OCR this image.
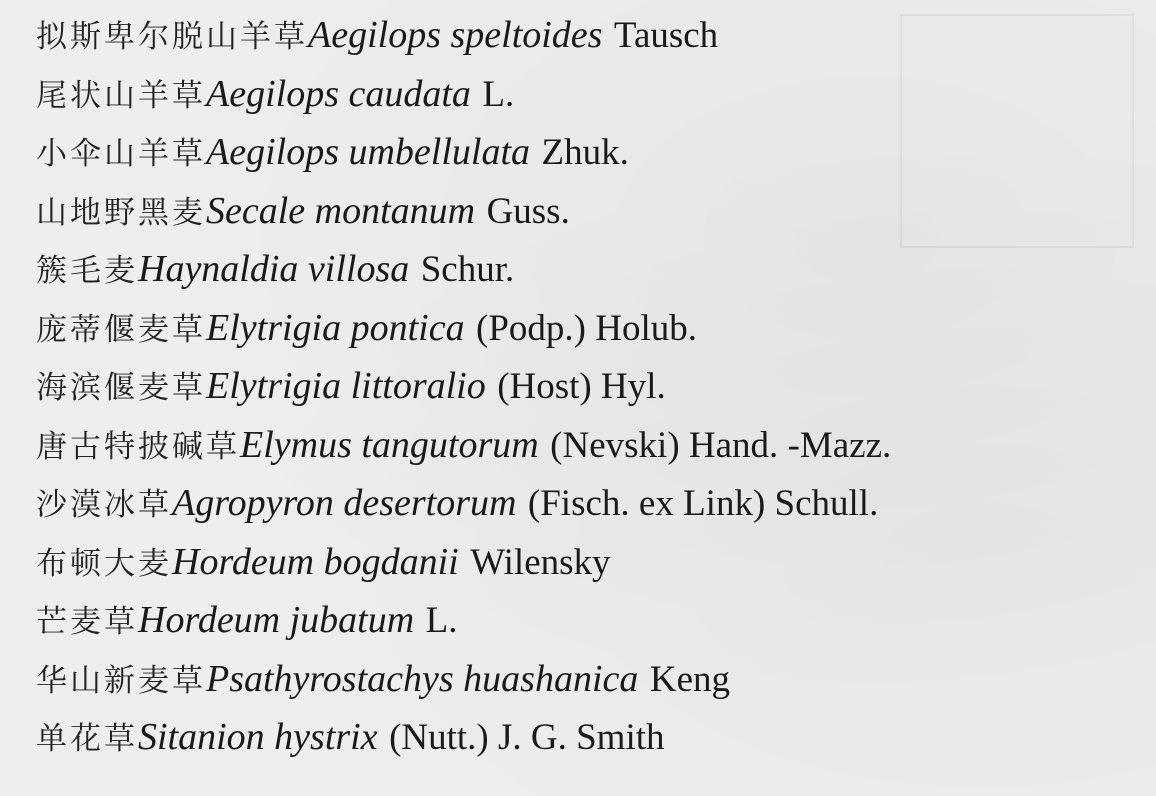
拟斯卑尔脱山羊草Aegilops speltoides Tausch
尾状山羊草Aegilops caudata L.
小伞山羊草Aegilops umbellulata Zhuk.
山地野黑麦Secale montanum Guss.
簇毛麦Haynaldia villosa Schur.
庞蒂偃麦草Elytrigia pontica (Podp.) Holub.
海滨偃麦草Elytrigia littoralio (Host) Hyl.
唐古特披碱草Elymus tangutorum (Nevski) Hand. -Mazz.
沙漠冰草Agropyron desertorum (Fisch. ex Link) Schull.
布顿大麦Hordeum bogdanii Wilensky
芒麦草Hordeum jubatum L.
华山新麦草Psathyrostachys huashanica Keng
单花草Sitanion hystrix (Nutt.) J. G. Smith
